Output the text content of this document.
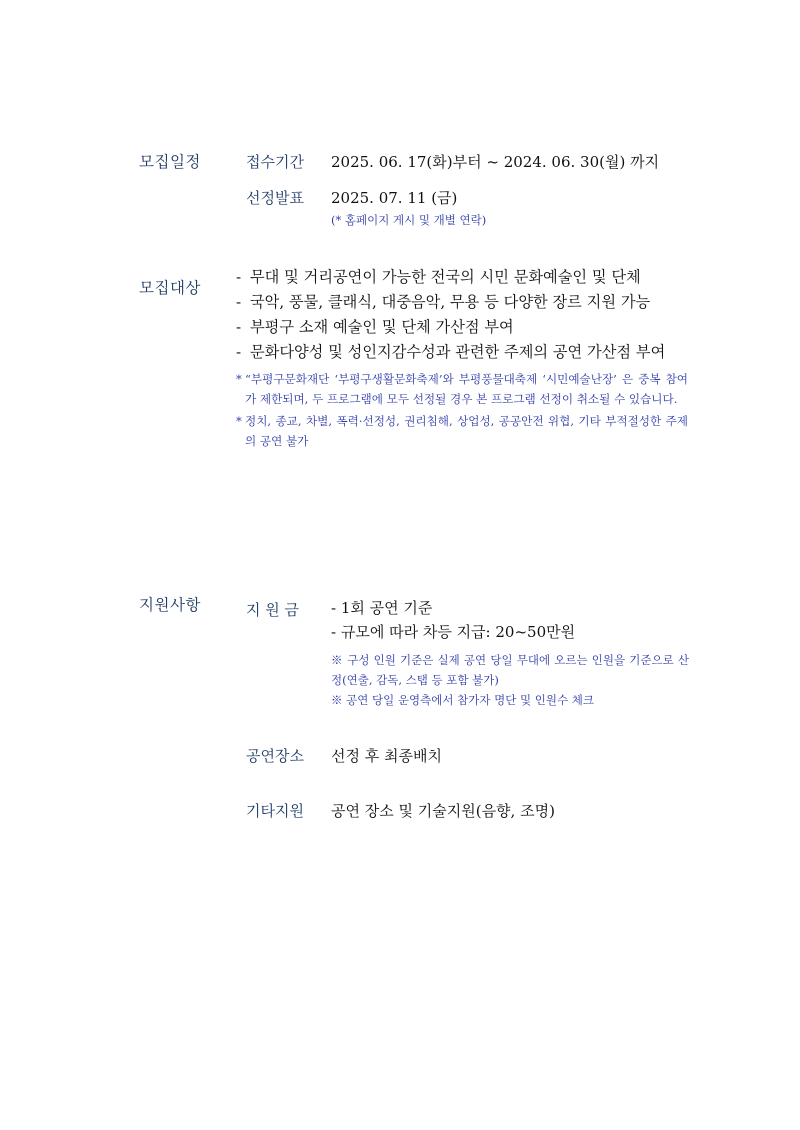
모집일정	접수기간 2025. 06. 17(화)부터 ~ 2024. 06. 30(월) 까지
선정발표 2025. 07. 11 (금)
(* 홈페이지 게시 및 개별 연락)
모집대상

- 무대 및 거리공연이 가능한 전국의 시민 문화예술인 및 단체

- 국악, 풍물, 클래식, 대중음악, 무용 등 다양한 장르 지원 가능

- 부평구 소재 예술인 및 단체 가산점 부여

- 문화다양성 및 성인지감수성과 관련한 주제의 공연 가산점 부여

* “부평구문화재단 ‘부평구생활문화축제’와 부평풍물대축제 ‘시민예술난장’ 은 중복 참여가 제한되며, 두 프로그램에 모두 선정될 경우 본 프로그램 선정이 취소될 수 있습니다.
* 정치, 종교, 차별, 폭력·선정성, 권리침해, 상업성, 공공안전 위협, 기타 부적절성한 주제의 공연 불가
지원사항	지 원 금 - 1회 공연 기준
- 규모에 따라 차등 지급: 20~50만원
※ 구성 인원 기준은 실제 공연 당일 무대에 오르는 인원을 기준으로 산정(연출, 감독, 스탭 등 포함 불가)
※ 공연 당일 운영측에서 참가자 명단 및 인원수 체크
공연장소 선정 후 최종배치
기타지원 공연 장소 및 기술지원(음향, 조명)
